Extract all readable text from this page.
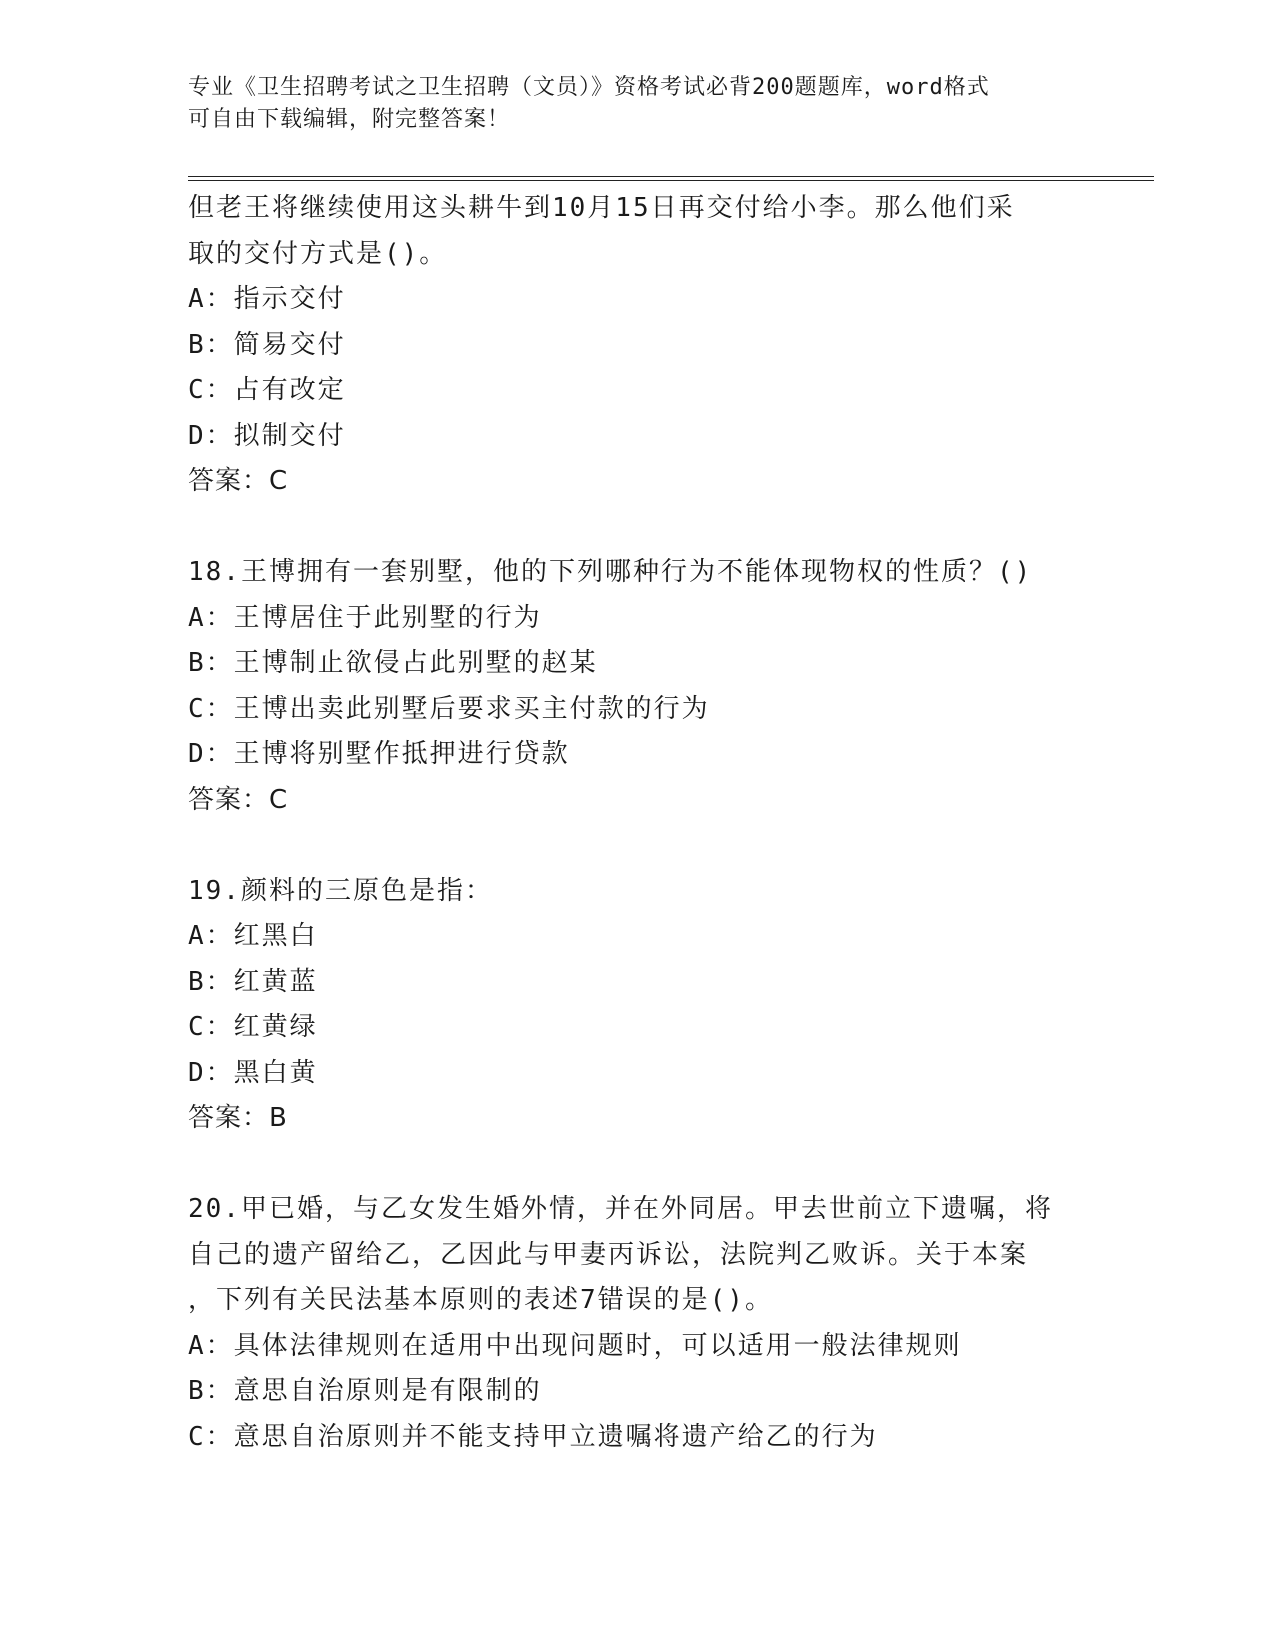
专业《卫生招聘考试之卫生招聘（文员）》资格考试必背200题题库，word格式
可自由下载编辑，附完整答案！
但老王将继续使用这头耕牛到10月15日再交付给小李。那么他们采
取的交付方式是()。
A：指示交付
B：简易交付
C：占有改定
D：拟制交付
答案：C
18.王博拥有一套别墅，他的下列哪种行为不能体现物权的性质？()
A：王博居住于此别墅的行为
B：王博制止欲侵占此别墅的赵某
C：王博出卖此别墅后要求买主付款的行为
D：王博将别墅作抵押进行贷款
答案：C
19.颜料的三原色是指：
A：红黑白
B：红黄蓝
C：红黄绿
D：黑白黄
答案：B
20.甲已婚，与乙女发生婚外情，并在外同居。甲去世前立下遗嘱，将
自己的遗产留给乙，乙因此与甲妻丙诉讼，法院判乙败诉。关于本案
，下列有关民法基本原则的表述7错误的是()。
A：具体法律规则在适用中出现问题时，可以适用一般法律规则
B：意思自治原则是有限制的
C：意思自治原则并不能支持甲立遗嘱将遗产给乙的行为
